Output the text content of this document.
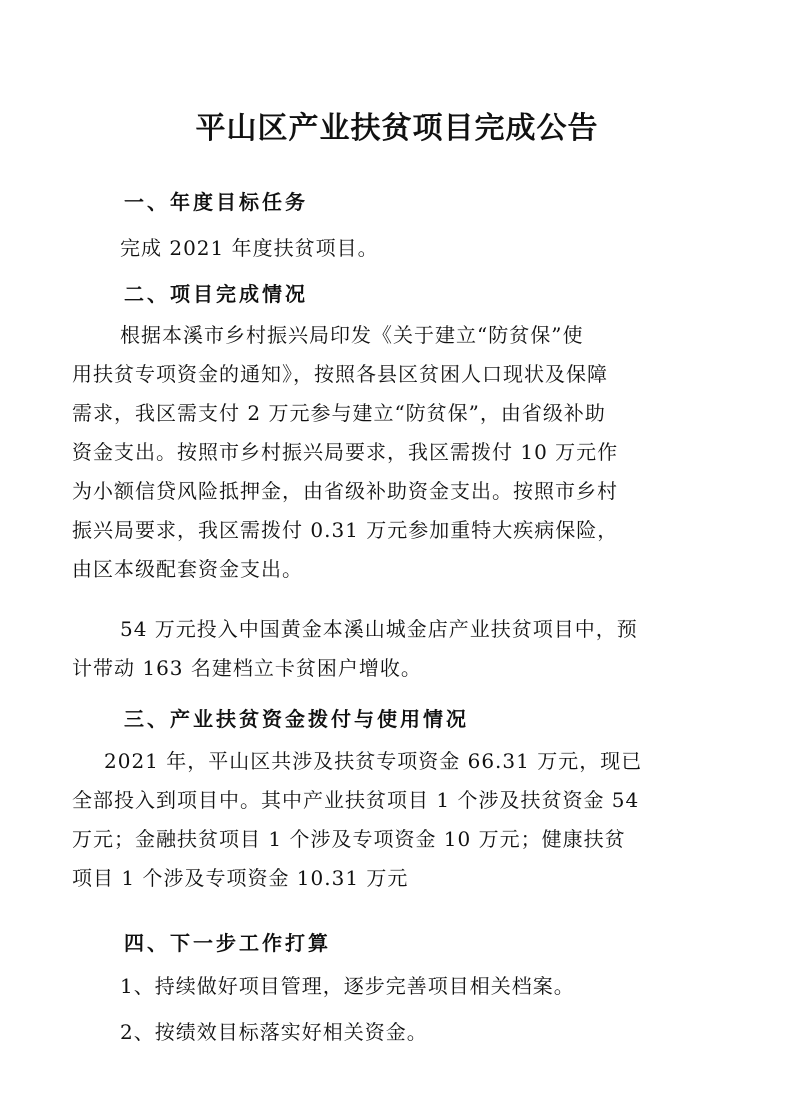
平山区产业扶贫项目完成公告
一、年度目标任务

完成 2021 年度扶贫项目。

二、项目完成情况
根据本溪市乡村振兴局印发《关于建立“防贫保”使
用扶贫专项资金的通知》，按照各县区贫困人口现状及保障
需求，我区需支付 2 万元参与建立“防贫保”，由省级补助
资金支出。按照市乡村振兴局要求，我区需拨付 10 万元作
为小额信贷风险抵押金，由省级补助资金支出。按照市乡村
振兴局要求，我区需拨付 0.31 万元参加重特大疾病保险，
由区本级配套资金支出。
54 万元投入中国黄金本溪山城金店产业扶贫项目中，预
计带动 163 名建档立卡贫困户增收。
三、产业扶贫资金拨付与使用情况
2021 年，平山区共涉及扶贫专项资金 66.31 万元，现已
全部投入到项目中。其中产业扶贫项目 1 个涉及扶贫资金 54
万元；金融扶贫项目 1 个涉及专项资金 10 万元；健康扶贫
项目 1 个涉及专项资金 10.31 万元
四、下一步工作打算

1、持续做好项目管理，逐步完善项目相关档案。

2、按绩效目标落实好相关资金。
